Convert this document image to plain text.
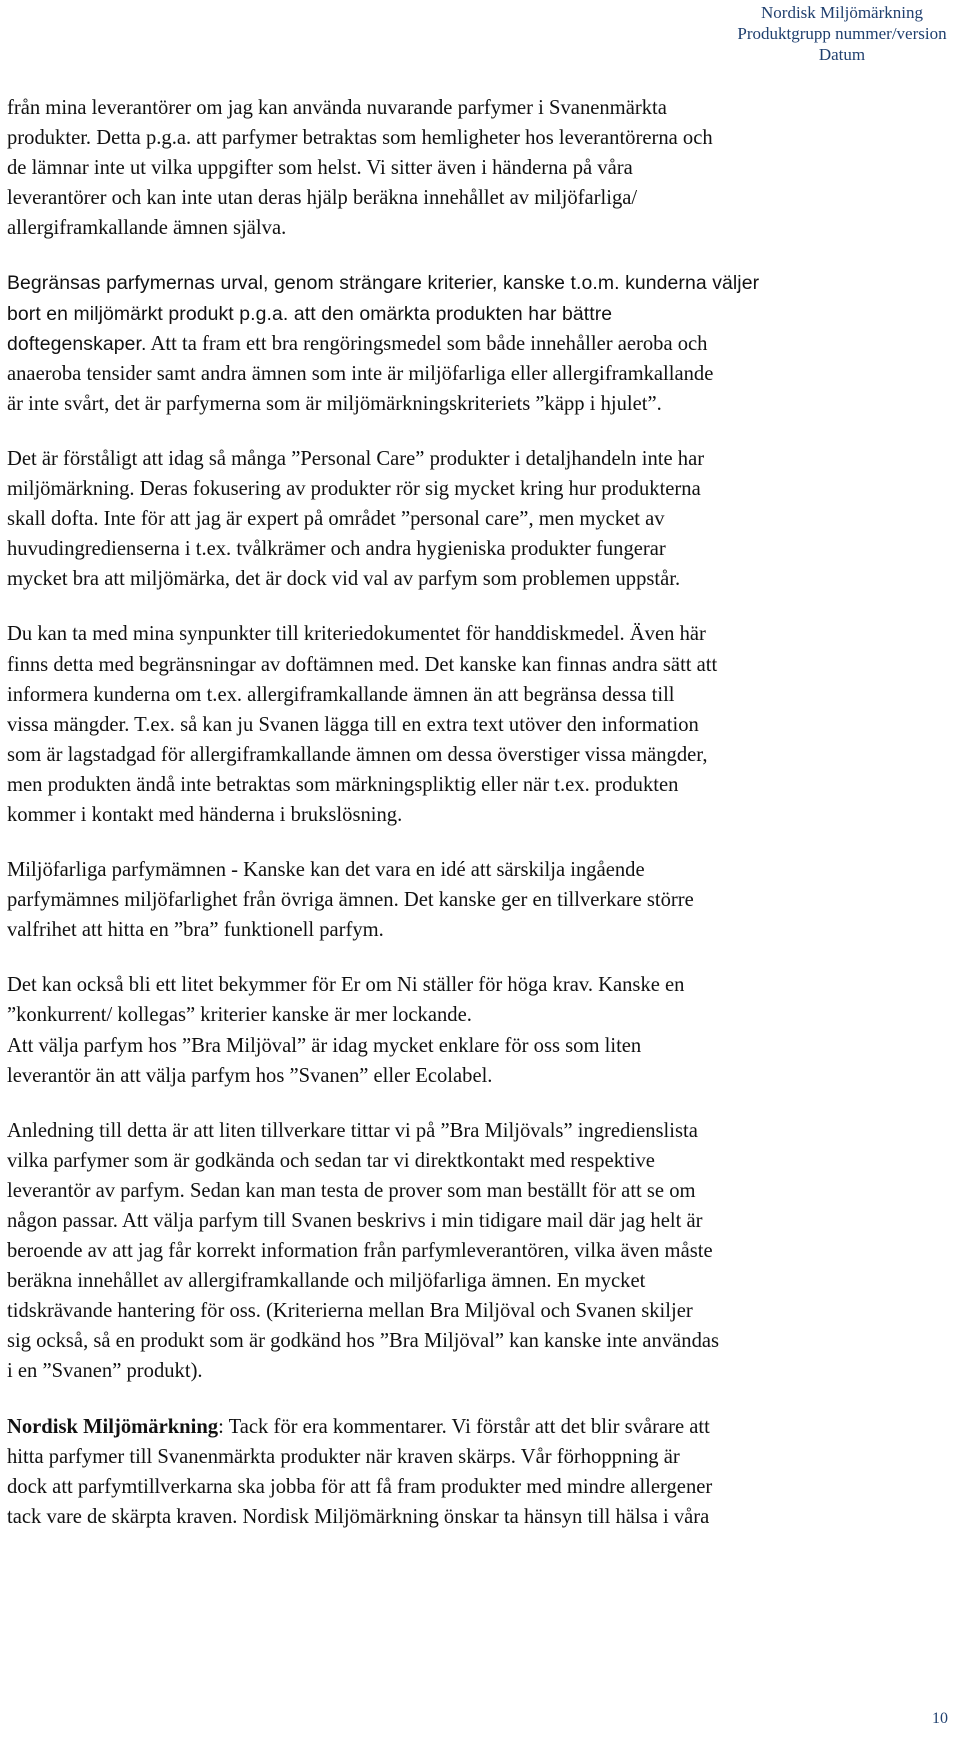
Nordisk Miljömärkning
Produktgrupp nummer/version
Datum

från mina leverantörer om jag kan använda nuvarande parfymer i Svanenmärkta
produkter. Detta p.g.a. att parfymer betraktas som hemligheter hos leverantörerna och
de lämnar inte ut vilka uppgifter som helst. Vi sitter även i händerna på våra
leverantörer och kan inte utan deras hjälp beräkna innehållet av miljöfarliga/
allergiframkallande ämnen själva.

Begränsas parfymernas urval, genom strängare kriterier, kanske t.o.m. kunderna väljer
bort en miljömärkt produkt p.g.a. att den omärkta produkten har bättre
doftegenskaper. Att ta fram ett bra rengöringsmedel som både innehåller aeroba och
anaeroba tensider samt andra ämnen som inte är miljöfarliga eller allergiframkallande
är inte svårt, det är parfymerna som är miljömärkningskriteriets ”käpp i hjulet”.

Det är förståligt att idag så många ”Personal Care” produkter i detaljhandeln inte har
miljömärkning. Deras fokusering av produkter rör sig mycket kring hur produkterna
skall dofta. Inte för att jag är expert på området ”personal care”, men mycket av
huvudingredienserna i t.ex. tvålkrämer och andra hygieniska produkter fungerar
mycket bra att miljömärka, det är dock vid val av parfym som problemen uppstår.

Du kan ta med mina synpunkter till kriteriedokumentet för handdiskmedel. Även här
finns detta med begränsningar av doftämnen med. Det kanske kan finnas andra sätt att
informera kunderna om t.ex. allergiframkallande ämnen än att begränsa dessa till
vissa mängder. T.ex. så kan ju Svanen lägga till en extra text utöver den information
som är lagstadgad för allergiframkallande ämnen om dessa överstiger vissa mängder,
men produkten ändå inte betraktas som märkningspliktig eller när t.ex. produkten
kommer i kontakt med händerna i brukslösning.

Miljöfarliga parfymämnen - Kanske kan det vara en idé att särskilja ingående
parfymämnes miljöfarlighet från övriga ämnen. Det kanske ger en tillverkare större
valfrihet att hitta en ”bra” funktionell parfym.

Det kan också bli ett litet bekymmer för Er om Ni ställer för höga krav. Kanske en
”konkurrent/ kollegas” kriterier kanske är mer lockande.

Att välja parfym hos ”Bra Miljöval” är idag mycket enklare för oss som liten
leverantör än att välja parfym hos ”Svanen” eller Ecolabel.

Anledning till detta är att liten tillverkare tittar vi på ”Bra Miljövals” ingredienslista
vilka parfymer som är godkända och sedan tar vi direktkontakt med respektive
leverantör av parfym. Sedan kan man testa de prover som man beställt för att se om
någon passar. Att välja parfym till Svanen beskrivs i min tidigare mail där jag helt är
beroende av att jag får korrekt information från parfymleverantören, vilka även måste
beräkna innehållet av allergiframkallande och miljöfarliga ämnen. En mycket
tidskrävande hantering för oss. (Kriterierna mellan Bra Miljöval och Svanen skiljer
sig också, så en produkt som är godkänd hos ”Bra Miljöval” kan kanske inte användas
i en ”Svanen” produkt).

Nordisk Miljömärkning: Tack för era kommentarer. Vi förstår att det blir svårare att
hitta parfymer till Svanenmärkta produkter när kraven skärps. Vår förhoppning är
dock att parfymtillverkarna ska jobba för att få fram produkter med mindre allergener
tack vare de skärpta kraven. Nordisk Miljömärkning önskar ta hänsyn till hälsa i våra

10
